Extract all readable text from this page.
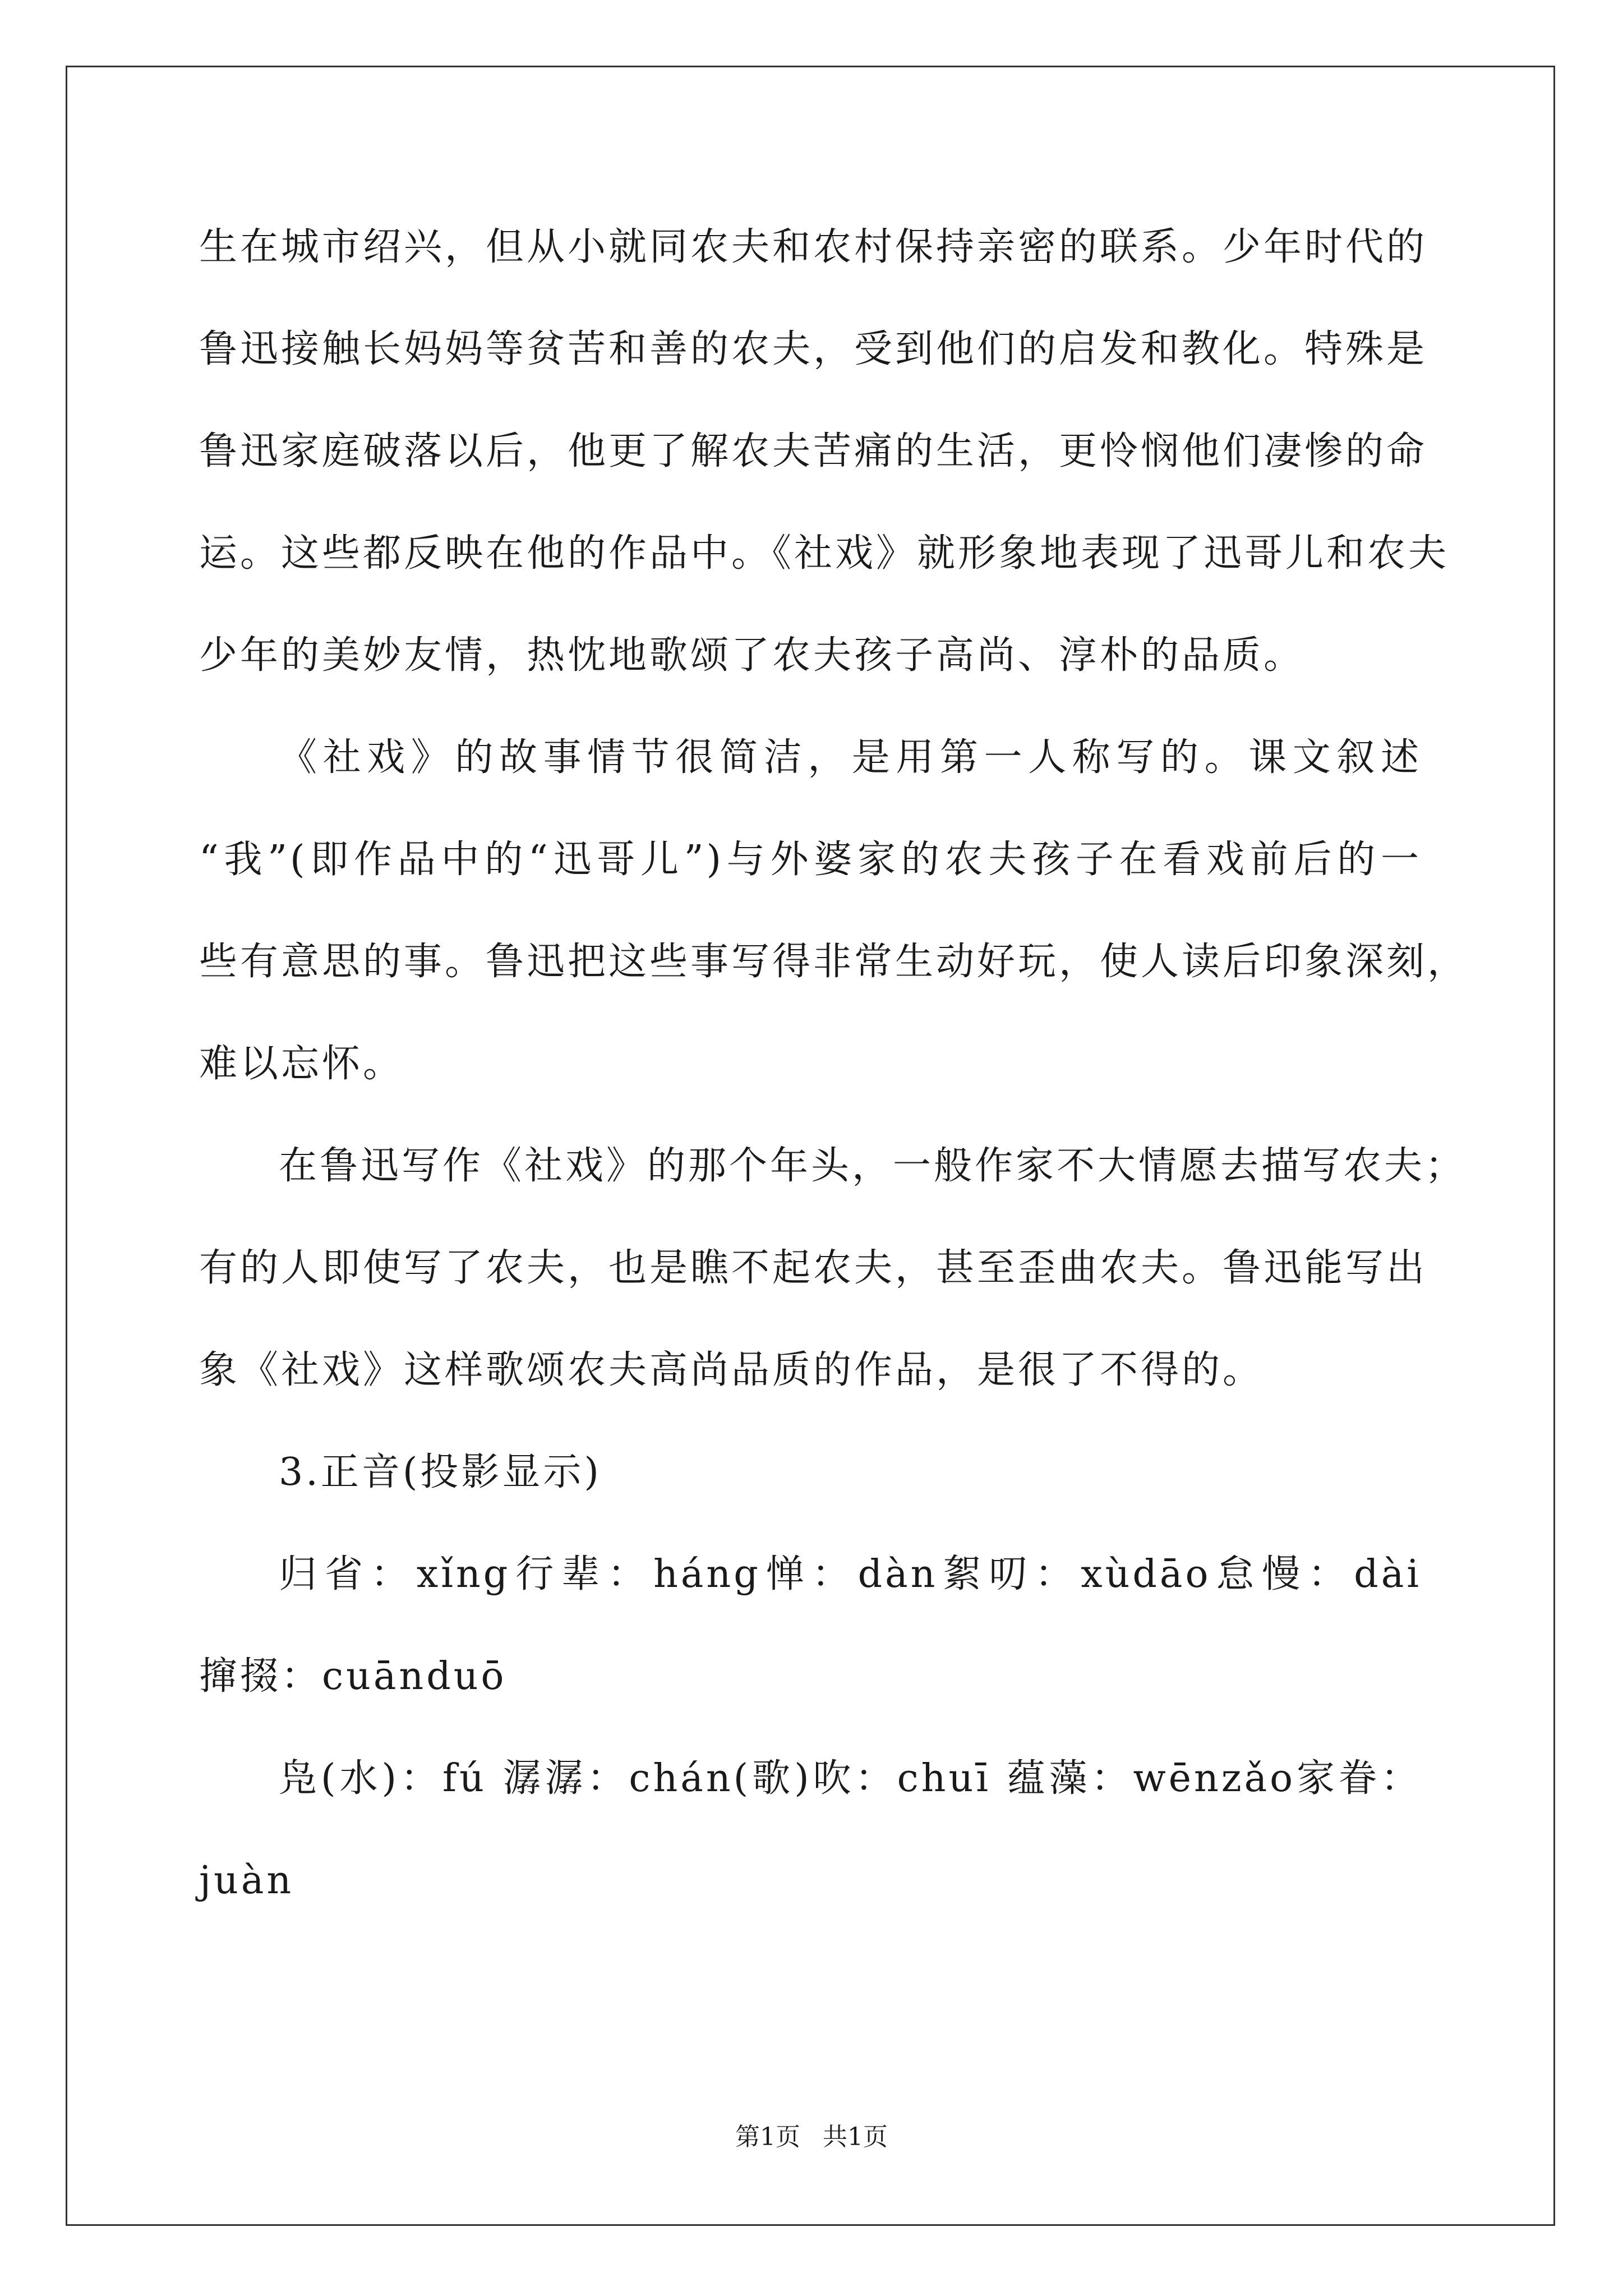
生在城市绍兴，但从小就同农夫和农村保持亲密的联系。少年时代的
鲁迅接触长妈妈等贫苦和善的农夫，受到他们的启发和教化。特殊是
鲁迅家庭破落以后，他更了解农夫苦痛的生活，更怜悯他们凄惨的命
运。这些都反映在他的作品中。《社戏》就形象地表现了迅哥儿和农夫
少年的美妙友情，热忱地歌颂了农夫孩子高尚、淳朴的品质。
《社戏》的故事情节很简洁，是用第一人称写的。课文叙述
“我”(即作品中的“迅哥儿”)与外婆家的农夫孩子在看戏前后的一
些有意思的事。鲁迅把这些事写得非常生动好玩，使人读后印象深刻，
难以忘怀。
在鲁迅写作《社戏》的那个年头，一般作家不大情愿去描写农夫；
有的人即使写了农夫，也是瞧不起农夫，甚至歪曲农夫。鲁迅能写出
象《社戏》这样歌颂农夫高尚品质的作品，是很了不得的。
3.正音(投影显示)
归省：xǐng行辈：háng惮：dàn絮叨：xùdāo怠慢：dài
撺掇：cuānduō
凫(水)：fú 潺潺：chán(歌)吹：chuī 蕴藻：wēnzǎo家眷：
juàn
第1页 共1页
